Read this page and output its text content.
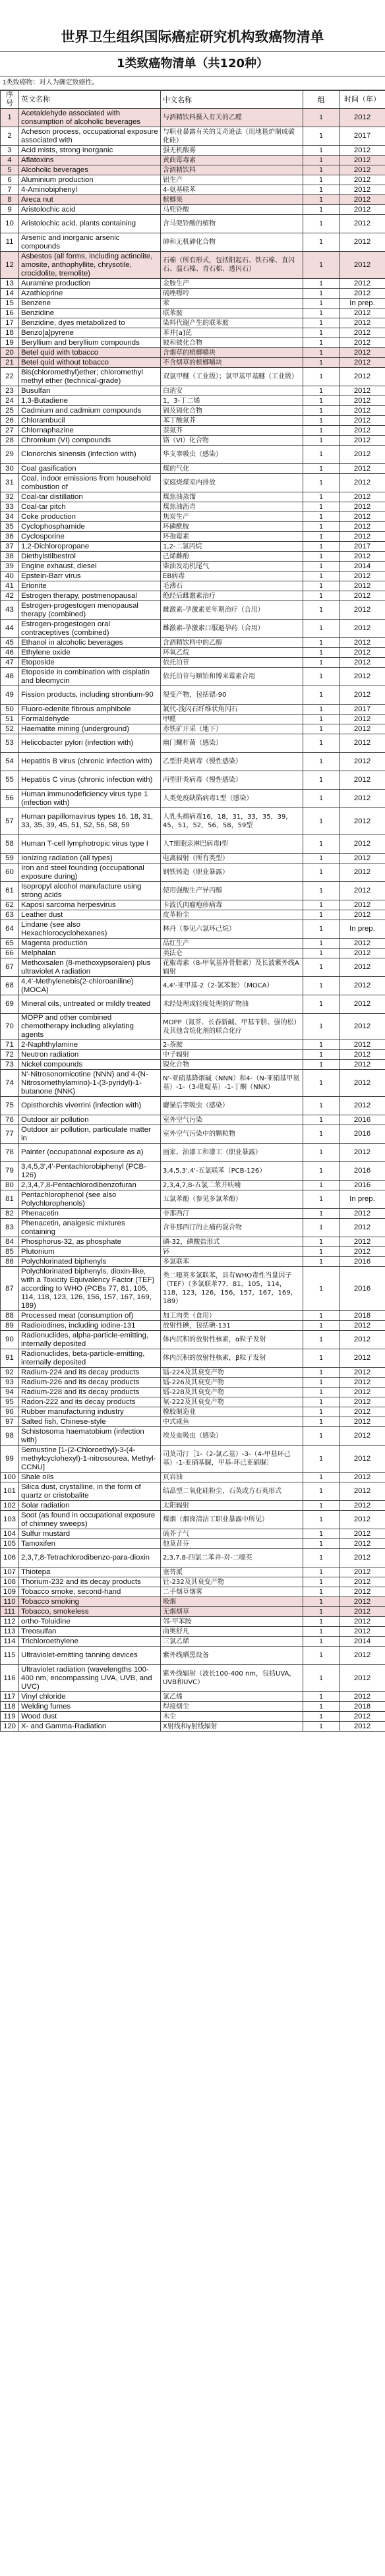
世界卫生组织国际癌症研究机构致癌物清单
1类致癌物清单（共120种）
1类致癌物：对人为确定致癌性。
序号	英文名称	中文名称	组	时间（年）
1	Acetaldehyde associated with consumption of alcoholic beverages	与酒精饮料摄入有关的乙醛	1	2012
2	Acheson process, occupational exposure associated with	与职业暴露有关的艾奇逊法（用地毯炉制成碳化硅）	1	2017
3	Acid mists, strong inorganic	强无机酸雾	1	2012
4	Aflatoxins	黄曲霉毒素	1	2012
5	Alcoholic beverages	含酒精饮料	1	2012
6	Aluminium production	铝生产	1	2012
7	4-Aminobiphenyl	4-氨基联苯	1	2012
8	Areca nut	槟榔果	1	2012
9	Aristolochic acid	马兜铃酸	1	2012
10	Aristolochic acid, plants containing	含马兜铃酸的植物	1	2012
11	Arsenic and inorganic arsenic compounds	砷和无机砷化合物	1	2012
12	Asbestos (all forms, including actinolite, amosite, anthophyllite, chrysotile, crocidolite, tremolite)	石棉（所有形式，包括阳起石、铁石棉、直闪石、温石棉、青石棉、透闪石）	1	2012
13	Auramine production	金胺生产	1	2012
14	Azathioprine	硫唑嘌呤	1	2012
15	Benzene	苯	1	In prep.
16	Benzidine	联苯胺	1	2012
17	Benzidine, dyes metabolized to	染料代谢产生的联苯胺	1	2012
18	Benzo[a]pyrene	苯并[a]芘	1	2012
19	Beryllium and beryllium compounds	铍和铍化合物	1	2012
20	Betel quid with tobacco	含烟草的槟榔嚼块	1	2012
21	Betel quid without tobacco	不含烟草的槟榔嚼块	1	2012
22	Bis(chloromethyl)ether; chloromethyl methyl ether (technical-grade)	双氯甲醚（工业级）；氯甲基甲基醚（工业级）	1	2012
23	Busulfan	白消安	1	2012
24	1,3-Butadiene	1，3-丁二烯	1	2012
25	Cadmium and cadmium compounds	镉及镉化合物	1	2012
26	Chlorambucil	苯丁酸氮芥	1	2012
27	Chlornaphazine	萘氮芥	1	2012
28	Chromium (VI) compounds	铬（VI）化合物	1	2012
29	Clonorchis sinensis (infection with)	华支睾吸虫（感染）	1	2012
30	Coal gasification	煤的气化	1	2012
31	Coal, indoor emissions from household combustion of	家庭烧煤室内排放	1	2012
32	Coal-tar distillation	煤焦油蒸馏	1	2012
33	Coal-tar pitch	煤焦油沥青	1	2012
34	Coke production	焦炭生产	1	2012
35	Cyclophosphamide	环磷酰胺	1	2012
36	Cyclosporine	环孢霉素	1	2012
37	1,2-Dichloropropane	1,2-二氯丙烷	1	2017
38	Diethylstilbestrol	己烯雌酚	1	2012
39	Engine exhaust, diesel	柴油发动机尾气	1	2014
40	Epstein-Barr virus	EB病毒	1	2012
41	Erionite	毛沸石	1	2012
42	Estrogen therapy, postmenopausal	绝经后雌激素治疗	1	2012
43	Estrogen-progestogen menopausal therapy (combined)	雌激素-孕激素更年期治疗（合用）	1	2012
44	Estrogen-progestogen oral contraceptives (combined)	雌激素-孕激素口服避孕药（合用）	1	2012
45	Ethanol in alcoholic beverages	含酒精饮料中的乙醇	1	2012
46	Ethylene oxide	环氧乙烷	1	2012
47	Etoposide	依托泊苷	1	2012
48	Etoposide in combination with cisplatin and bleomycin	依托泊苷与顺铂和博来霉素合用	1	2012
49	Fission products, including strontium-90	裂变产物，包括锶-90	1	2012
50	Fluoro-edenite fibrous amphibole	氟代-浅闪石纤维状角闪石	1	2017
51	Formaldehyde	甲醛	1	2012
52	Haematite mining (underground)	赤铁矿开采（地下）	1	2012
53	Helicobacter pylori (infection with)	幽门螺杆菌（感染）	1	2012
54	Hepatitis B virus (chronic infection with)	乙型肝炎病毒（慢性感染）	1	2012
55	Hepatitis C virus (chronic infection with)	丙型肝炎病毒（慢性感染）	1	2012
56	Human immunodeficiency virus type 1 (infection with)	人类免疫缺陷病毒1型（感染）	1	2012
57	Human papillomavirus types 16, 18, 31, 33, 35, 39, 45, 51, 52, 56, 58, 59	人乳头瘤病毒16，18，31，33，35，39，45，51，52，56，58，59型	1	2012
58	Human T-cell lymphotropic virus type I	人T细胞亲淋巴病毒I型	1	2012
59	Ionizing radiation (all types)	电离辐射（所有类型）	1	2012
60	Iron and steel founding (occupational exposure during)	钢铁铸造（职业暴露）	1	2012
61	Isopropyl alcohol manufacture using strong acids	使用强酸生产异丙醇	1	2012
62	Kaposi sarcoma herpesvirus	卡波氏肉瘤疱疹病毒	1	2012
63	Leather dust	皮革粉尘	1	2012
64	Lindane (see also Hexachlorocyclohexanes)	林丹（参见六氯环己烷）	1	In prep.
65	Magenta production	品红生产	1	2012
66	Melphalan	美法仑	1	2012
67	Methoxsalen (8-methoxypsoralen) plus ultraviolet A radiation	花椒毒素（8-甲氧基补骨脂素）及长波紫外线A辐射	1	2012
68	4,4'-Methylenebis(2-chloroaniline) (MOCA)	4,4'-亚甲基-2（2-氯苯胺）（MOCA）	1	2012
69	Mineral oils, untreated or mildly treated	未经处理或轻度处理的矿物油	1	2012
70	MOPP and other combined chemotherapy including alkylating agents	MOPP（氮芥、长春新碱、甲基苄肼、强的松）及其他含烷化剂的联合化疗	1	2012
71	2-Naphthylamine	2-萘胺	1	2012
72	Neutron radiation	中子辐射	1	2012
73	Nickel compounds	镍化合物	1	2012
74	N'-Nitrosonornicotine (NNN) and 4-(N-Nitrosomethylamino)-1-(3-pyridyl)-1-butanone (NNK)	N'-亚硝基降烟碱（NNN）和4-（N-亚硝基甲氨基）-1-（3-吡啶基）-1-丁酮（NNK）	1	2012
75	Opisthorchis viverrini (infection with)	麝猫后睾吸虫（感染）	1	2012
76	Outdoor air pollution	室外空气污染	1	2016
77	Outdoor air pollution, particulate matter in	室外空气污染中的颗粒物	1	2016
78	Painter (occupational exposure as a)	画家、油漆工和漆工（职业暴露）	1	2012
79	3,4,5,3',4'-Pentachlorobiphenyl (PCB-126)	3,4,5,3',4'-五氯联苯（PCB-126）	1	2016
80	2,3,4,7,8-Pentachlorodibenzofuran	2,3,4,7,8-五氯二苯并呋喃	1	2016
81	Pentachlorophenol (see also Polychlorophenols)	五氯苯酚（参见多氯苯酚）	1	In prep.
82	Phenacetin	非那西汀	1	2012
83	Phenacetin, analgesic mixtures containing	含非那西汀的止痛药混合物	1	2012
84	Phosphorus-32, as phosphate	磷-32，磷酸盐形式	1	2012
85	Plutonium	钚	1	2012
86	Polychlorinated biphenyls	多氯联苯	1	2016
87	Polychlorinated biphenyls, dioxin-like, with a Toxicity Equivalency Factor (TEF) according to WHO (PCBs 77, 81, 105, 114, 118, 123, 126, 156, 157, 167, 169, 189)	类二噁英多氯联苯，具有WHO毒性当量因子（TEF）（多氯联苯77，81，105，114，118，123，126，156，157，167，169，189）	1	2016
88	Processed meat (consumption of)	加工肉类（食用）	1	2018
89	Radioiodines, including iodine-131	放射性碘，包括碘-131	1	2012
90	Radionuclides, alpha-particle-emitting, internally deposited	体内沉积的放射性核素，α粒子发射	1	2012
91	Radionuclides, beta-particle-emitting, internally deposited	体内沉积的放射性核素，β粒子发射	1	2012
92	Radium-224 and its decay products	镭-224及其衰变产物	1	2012
93	Radium-226 and its decay products	镭-226及其衰变产物	1	2012
94	Radium-228 and its decay products	镭-228及其衰变产物	1	2012
95	Radon-222 and its decay products	氡-222及其衰变产物	1	2012
96	Rubber manufacturing industry	橡胶制造业	1	2012
97	Salted fish, Chinese-style	中式咸鱼	1	2012
98	Schistosoma haematobium (infection with)	埃及血吸虫（感染）	1	2012
99	Semustine [1-(2-Chloroethyl)-3-(4-methylcyclohexyl)-1-nitrosourea, Methyl-CCNU]	司莫司汀［1-（2-氯乙基）-3-（4-甲基环己基）-1-亚硝基脲，甲基-环己亚硝脲］	1	2012
100	Shale oils	页岩油	1	2012
101	Silica dust, crystalline, in the form of quartz or cristobalite	结晶型二氧化硅粉尘，石英或方石英形式	1	2012
102	Solar radiation	太阳辐射	1	2012
103	Soot (as found in occupational exposure of chimney sweeps)	煤烟（烟囱清洁工职业暴露中所见）	1	2012
104	Sulfur mustard	硫芥子气	1	2012
105	Tamoxifen	他莫昔芬	1	2012
106	2,3,7,8-Tetrachlorodibenzo-para-dioxin	2,3,7,8-四氯二苯并-对-二噁英	1	2012
107	Thiotepa	塞替派	1	2012
108	Thorium-232 and its decay products	钍-232及其衰变产物	1	2012
109	Tobacco smoke, second-hand	二手烟草烟雾	1	2012
110	Tobacco smoking	吸烟	1	2012
111	Tobacco, smokeless	无烟烟草	1	2012
112	ortho-Toluidine	邻-甲苯胺	1	2012
113	Treosulfan	曲奥舒凡	1	2012
114	Trichloroethylene	三氯乙烯	1	2014
115	Ultraviolet-emitting tanning devices	紫外线晒黑设备	1	2012
116	Ultraviolet radiation (wavelengths 100-400 nm, encompassing UVA, UVB, and UVC)	紫外线辐射（波长100-400 nm，包括UVA，UVB和UVC）	1	2012
117	Vinyl chloride	氯乙烯	1	2012
118	Welding fumes	焊接烟尘	1	2018
119	Wood dust	木尘	1	2012
120	X- and Gamma-Radiation	X射线和γ射线辐射	1	2012
